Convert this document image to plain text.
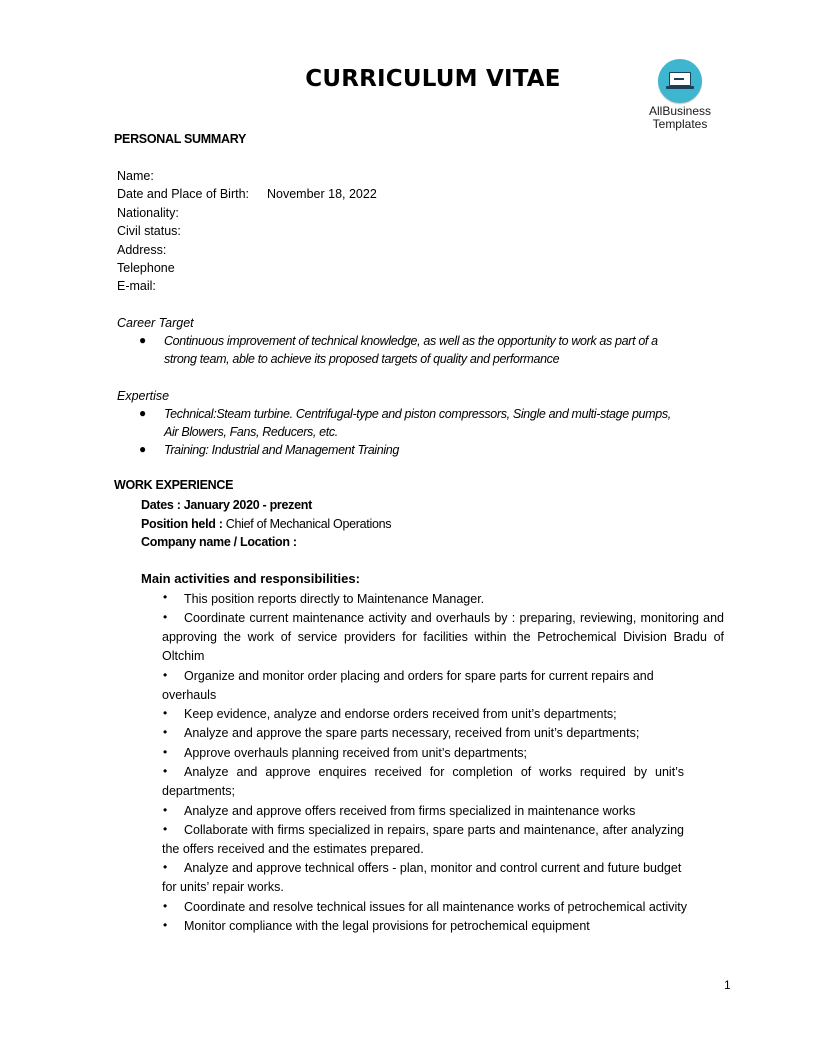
CURRICULUM VITAE
AllBusiness
Templates
PERSONAL SUMMARY
Name:
Date and Place of Birth: November 18, 2022
Nationality:
Civil status:
Address:
Telephone
E-mail:
Career Target
● Continuous improvement of technical knowledge, as well as the opportunity to work as part of a
strong team, able to achieve its proposed targets of quality and performance
Expertise
● Technical:Steam turbine. Centrifugal-type and piston compressors, Single and multi-stage pumps,
Air Blowers, Fans, Reducers, etc.
● Training: Industrial and Management Training
WORK EXPERIENCE
Dates : January 2020 - prezent
Position held : Chief of Mechanical Operations
Company name / Location :
Main activities and responsibilities:
• This position reports directly to Maintenance Manager.
•	Coordinate current maintenance activity and overhauls by : preparing, reviewing, monitoring and approving the work of service providers for facilities within the Petrochemical Division Bradu of Oltchim
•	Organize and monitor order placing and orders for spare parts for current repairs and overhauls
• Keep evidence, analyze and endorse orders received from unit’s departments;
• Analyze and approve the spare parts necessary, received from unit’s departments;
• Approve overhauls planning received from unit’s departments;
•	Analyze and approve enquires received for completion of works required by unit’s departments;
• Analyze and approve offers received from firms specialized in maintenance works
•	Collaborate with firms specialized in repairs, spare parts and maintenance, after analyzing the offers received and the estimates prepared.
•	Analyze and approve technical offers - plan, monitor and control current and future budget for units’ repair works.
• Coordinate and resolve technical issues for all maintenance works of petrochemical activity
• Monitor compliance with the legal provisions for petrochemical equipment
1
